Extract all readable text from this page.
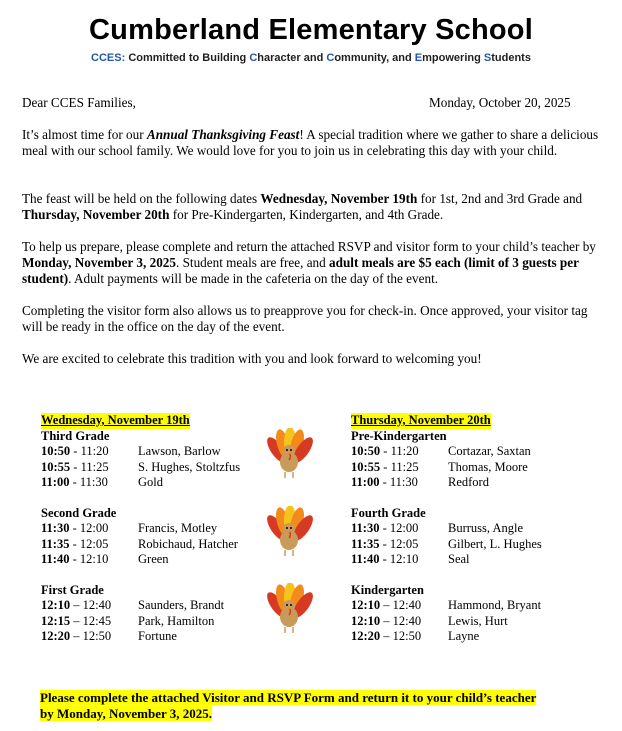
Cumberland Elementary School
CCES: Committed to Building Character and Community, and Empowering Students
Dear CCES Families,	Monday, October 20, 2025
It’s almost time for our Annual Thanksgiving Feast! A special tradition where we gather to share a delicious meal with our school family. We would love for you to join us in celebrating this day with your child.
The feast will be held on the following dates Wednesday, November 19th for 1st, 2nd and 3rd Grade and Thursday, November 20th for Pre-Kindergarten, Kindergarten, and 4th Grade.
To help us prepare, please complete and return the attached RSVP and visitor form to your child’s teacher by Monday, November 3, 2025. Student meals are free, and adult meals are $5 each (limit of 3 guests per student). Adult payments will be made in the cafeteria on the day of the event.
Completing the visitor form also allows us to preapprove you for check-in. Once approved, your visitor tag will be ready in the office on the day of the event.
We are excited to celebrate this tradition with you and look forward to welcoming you!
Wednesday, November 19th
Third Grade
10:50 - 11:20 Lawson, Barlow
10:55 - 11:25 S. Hughes, Stoltzfus
11:00 - 11:30 Gold
Second Grade
11:30 - 12:00 Francis, Motley
11:35 - 12:05 Robichaud, Hatcher
11:40 - 12:10 Green
First Grade
12:10 – 12:40 Saunders, Brandt
12:15 – 12:45 Park, Hamilton
12:20 – 12:50 Fortune
Thursday, November 20th
Pre-Kindergarten
10:50 - 11:20 Cortazar, Saxtan
10:55 - 11:25 Thomas, Moore
11:00 - 11:30 Redford
Fourth Grade
11:30 - 12:00 Burruss, Angle
11:35 - 12:05 Gilbert, L. Hughes
11:40 - 12:10 Seal
Kindergarten
12:10 – 12:40 Hammond, Bryant
12:10 – 12:40 Lewis, Hurt
12:20 – 12:50 Layne
Please complete the attached Visitor and RSVP Form and return it to your child’s teacher
by Monday, November 3, 2025.
